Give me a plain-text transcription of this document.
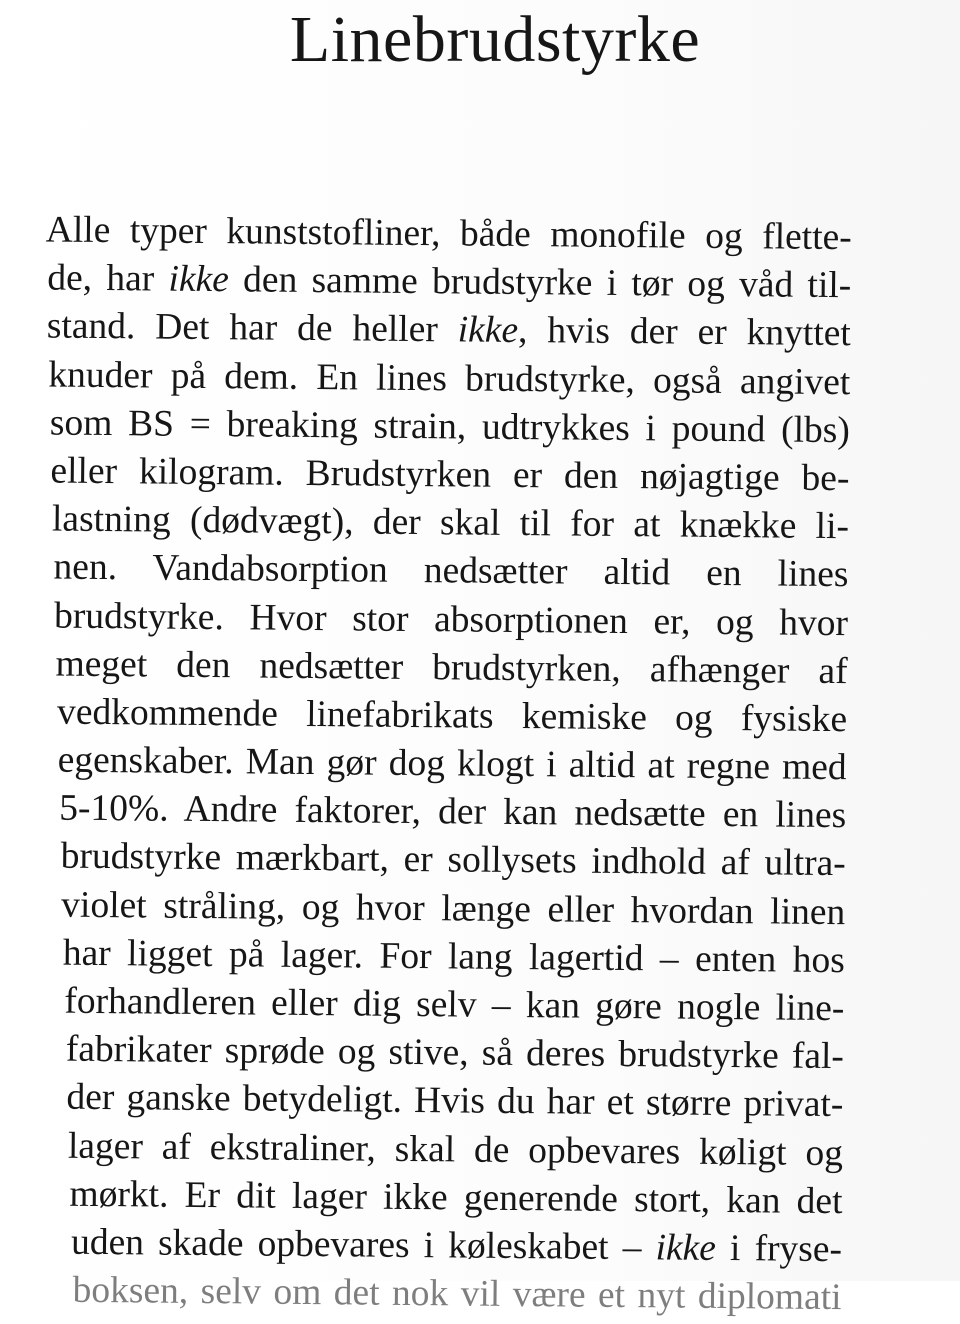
Linebrudstyrke
Alle typer kunststofliner, både monofile og flette-
de, har ikke den samme brudstyrke i tør og våd til-
stand. Det har de heller ikke, hvis der er knyttet
knuder på dem. En lines brudstyrke, også angivet
som BS = breaking strain, udtrykkes i pound (lbs)
eller kilogram. Brudstyrken er den nøjagtige be-
lastning (dødvægt), der skal til for at knække li-
nen. Vandabsorption nedsætter altid en lines
brudstyrke. Hvor stor absorptionen er, og hvor
meget den nedsætter brudstyrken, afhænger af
vedkommende linefabrikats kemiske og fysiske
egenskaber. Man gør dog klogt i altid at regne med
5-10%. Andre faktorer, der kan nedsætte en lines
brudstyrke mærkbart, er sollysets indhold af ultra-
violet stråling, og hvor længe eller hvordan linen
har ligget på lager. For lang lagertid – enten hos
forhandleren eller dig selv – kan gøre nogle line-
fabrikater sprøde og stive, så deres brudstyrke fal-
der ganske betydeligt. Hvis du har et større privat-
lager af ekstraliner, skal de opbevares køligt og
mørkt. Er dit lager ikke generende stort, kan det
uden skade opbevares i køleskabet – ikke i fryse-
boksen, selv om det nok vil være et nyt diplomati
